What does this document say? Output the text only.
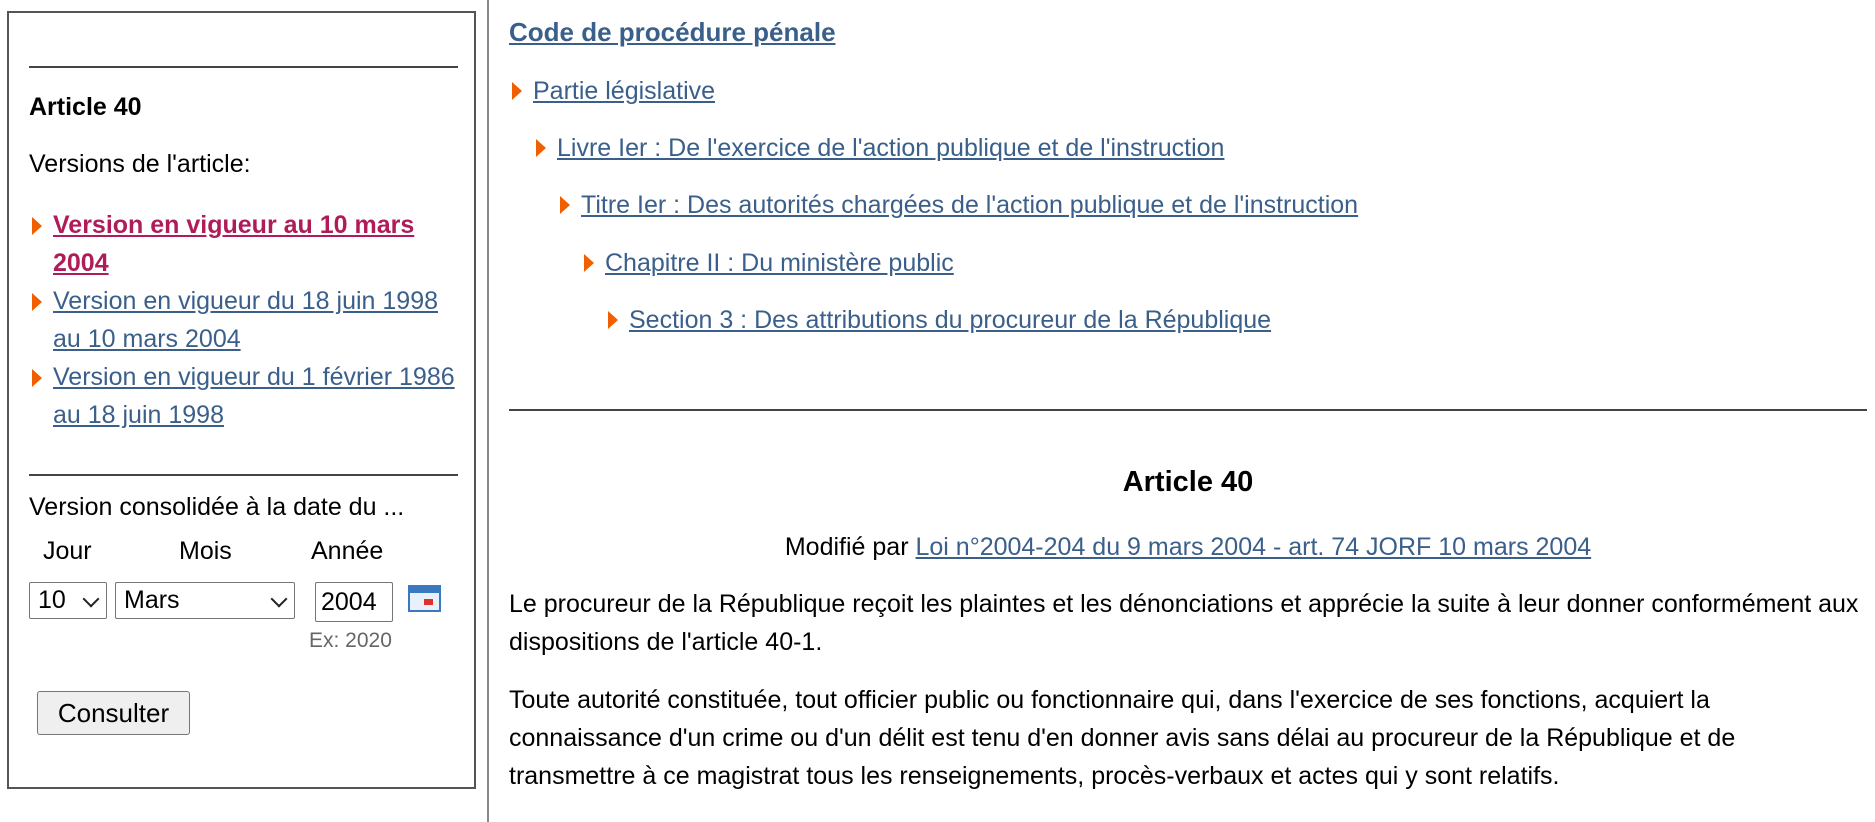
Article 40
Versions de l'article:
Version en vigueur au 10 mars 2004
Version en vigueur du 18 juin 1998 au 10 mars 2004
Version en vigueur du 1 février 1986 au 18 juin 1998
Version consolidée à la date du ...
Jour	Mois	Année
10	Mars
2004
Ex: 2020
Consulter
Code de procédure pénale
Partie législative
Livre Ier : De l'exercice de l'action publique et de l'instruction
Titre Ier : Des autorités chargées de l'action publique et de l'instruction
Chapitre II : Du ministère public
Section 3 : Des attributions du procureur de la République
Article 40
Modifié par Loi n°2004-204 du 9 mars 2004 - art. 74 JORF 10 mars 2004

Le procureur de la République reçoit les plaintes et les dénonciations et apprécie la suite à leur donner conformément aux dispositions de l'article 40-1.

Toute autorité constituée, tout officier public ou fonctionnaire qui, dans l'exercice de ses fonctions, acquiert la connaissance d'un crime ou d'un délit est tenu d'en donner avis sans délai au procureur de la République et de transmettre à ce magistrat tous les renseignements, procès-verbaux et actes qui y sont relatifs.
